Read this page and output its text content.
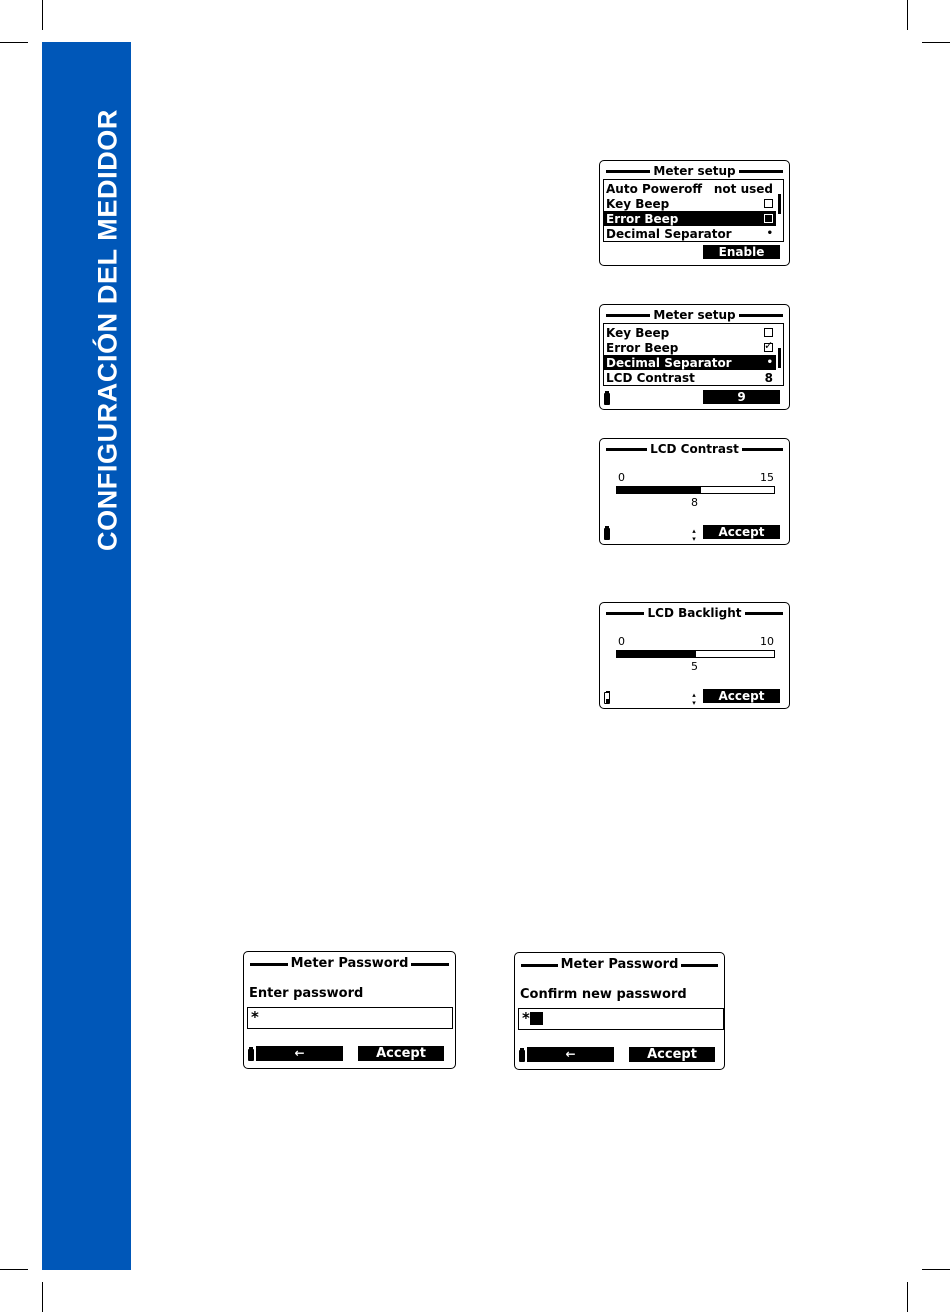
CONFIGURACIÓN DEL MEDIDOR	Meter setup
Auto Poweroff not used
Key Beep
Error Beep
Decimal Separator	•
Enable
Meter setup
Key Beep
Error Beep
✓
Decimal Separator	•
LCD Contrast	8
9
LCD Contrast
0	15
8
▴▾	Accept
LCD Backlight
0	10
5
▴▾	Accept
Meter Password
Enter password
*
←	Accept
Meter Password
Confirm new password
*
←	Accept
